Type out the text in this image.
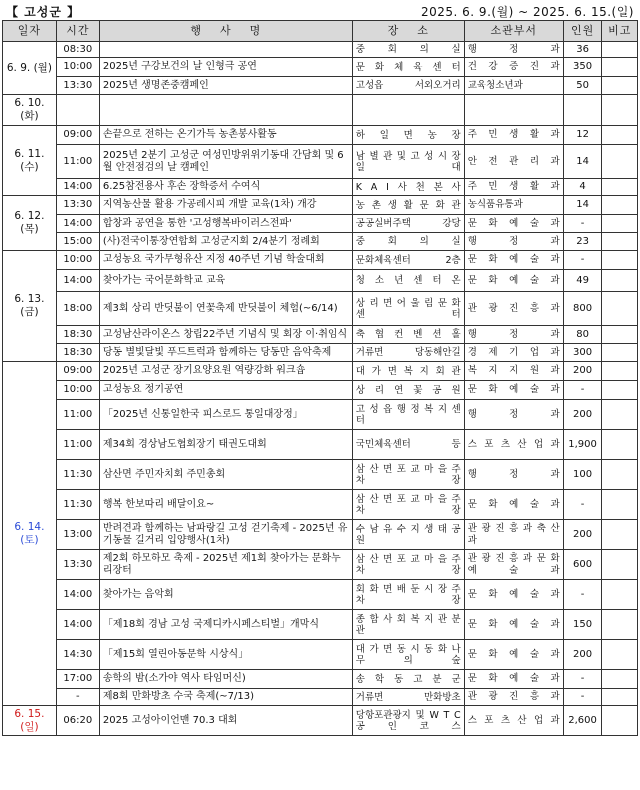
【 고성군 】	2025. 6. 9.(월) ~ 2025. 6. 15.(일)
일자	시간	행    사    명	장    소	소관부서	인원	비고
6. 9. (월)	08:30		중 회 의 실	행 정 과	36	
	10:00	2025년 구강보건의 날 인형극 공연	문 화 체 육 센 터	건 강 증 진 과	350	
	13:30	2025년 생명존중캠페인	고성읍 서외오거리	교육청소년과	50	
6. 10. (화)						
6. 11. (수)	09:00	손끝으로 전하는 온기가득 농촌봉사활동	하 일 면 농 장	주 민 생 활 과	12	
	11:00	2025년 2분기 고성군 여성민방위위기동대 간담회 및 6월 안전점검의 날 캠페인	남 별 관 및 고 성 시 장 일 대	안 전 관 리 과	14	
	14:00	6.25참전용사 후손 장학증서 수여식	K A I 사 천 본 사	주 민 생 활 과	4	
6. 12. (목)	13:30	지역농산물 활용 가공레시피 개발 교육(1차) 개강	농 촌 생 활 문 화 관	농식품유통과	14	
	14:00	합창과 공연을 통한 '고성행복바이러스전파'	공공실버주택 강당	문 화 예 술 과	-	
	15:00	(사)전국이통장연합회 고성군지회 2/4분기 정례회	중 회 의 실	행 정 과	23	
6. 13. (금)	10:00	고성농요 국가무형유산 지정 40주년 기념 학술대회	문화체육센터 2층	문 화 예 술 과	-	
	14:00	찾아가는 국어문화학교 교육	청 소 년 센 터 온	문 화 예 술 과	49	
	18:00	제3회 상리 반딧불이 연꽃축제 반딧불이 체험(~6/14)	상 리 면 어 울 림 문 화 센 터	관 광 진 흥 과	800	
	18:30	고성남산라이온스 창립22주년 기념식 및 회장 이·취임식	축 협 컨 벤 션 홀	행 정 과	80	
	18:30	당동 별빛달빛 푸드트럭과 함께하는 당동만 음악축제	거류면 당동해안길	경 제 기 업 과	300	
6. 14. (토)	09:00	2025년 고성군 장기요양요원 역량강화 워크숍	대 가 면 복 지 회 관	복 지 지 원 과	200	
	10:00	고성농요 정기공연	상 리 연 꽃 공 원	문 화 예 술 과	-	
	11:00	「2025년 신통일한국 피스로드 통일대장정」	고 성 읍 행 정 복 지 센 터	행 정 과	200	
	11:00	제34회 경상남도협회장기 태권도대회	국민체육센터 등	스 포 츠 산 업 과	1,900	
	11:30	삼산면 주민자치회 주민총회	삼 산 면 포 교 마 을 주 차 장	행 정 과	100	
	11:30	행복 한보따리 배달이요~	삼 산 면 포 교 마 을 주 차 장	문 화 예 술 과	-	
	13:00	반려견과 함께하는 남파랑길 고성 걷기축제 - 2025년 유기동물 길거리 입양행사(1차)	수 남 유 수 지 생 태 공 원	관 광 진 흥 과 축 산 과	200	
	13:30	제2회 하모하모 축제 - 2025년 제1회 찾아가는 문화누리장터	삼 산 면 포 교 마 을 주 차 장	관 광 진 흥 과 문 화 예 술 과	600	
	14:00	찾아가는 음악회	회 화 면 배 둔 시 장 주 차 장	문 화 예 술 과	-	
	14:00	「제18회 경남 고성 국제디카시페스티벌」개막식	종 합 사 회 복 지 관 분 관	문 화 예 술 과	150	
	14:30	「제15회 열린아동문학 시상식」	대 가 면 동 시 동 화 나 무 의 숲	문 화 예 술 과	200	
	17:00	송학의 밤(소가야 역사 타임머신)	송 학 동 고 분 군	문 화 예 술 과	-	
	-	제8회 만화방초 수국 축제(~7/13)	거류면 만화방초	관 광 진 흥 과	-	
6. 15. (일)	06:20	2025 고성아이언맨 70.3 대회	당항포관광지 및 W T C 공 인 코 스	스 포 츠 산 업 과	2,600	
